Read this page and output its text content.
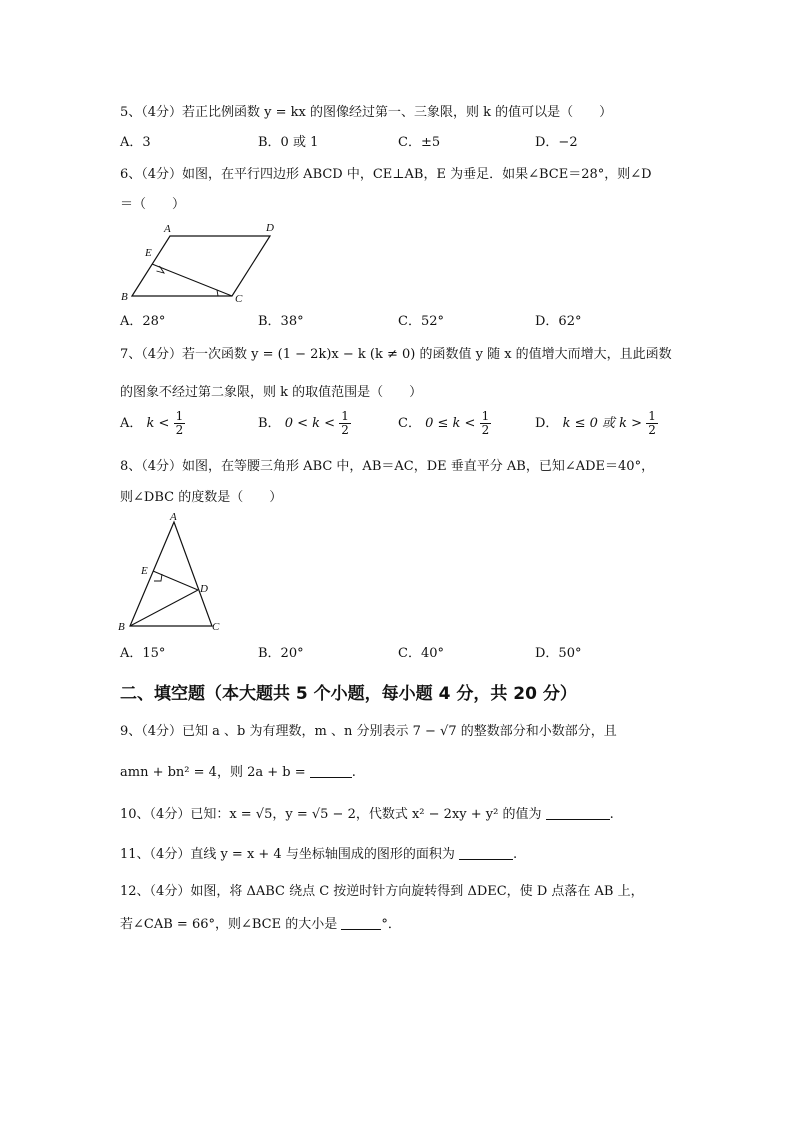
5、（4分）若正比例函数 y = kx 的图像经过第一、三象限，则 k 的值可以是（　　）
A．3	B．0 或 1	C．±5	D．−2
6、（4分）如图，在平行四边形 ABCD 中，CE⊥AB，E 为垂足．如果∠BCE＝28°，则∠D
＝（　　）
A	D
E
B	C
A．28°	B．38°	C．52°	D．62°
7、（4分）若一次函数 y = (1 − 2k)x − k (k ≠ 0) 的函数值 y 随 x 的值增大而增大，且此函数
的图象不经过第二象限，则 k 的取值范围是（　　）
A． $k < \frac{1}{2}$	B． $0 < k < \frac{1}{2}$	C． $0 \le k < \frac{1}{2}$	D． k ≤ 0 或 $k > \frac{1}{2}$
8、（4分）如图，在等腰三角形 ABC 中，AB＝AC，DE 垂直平分 AB，已知∠ADE＝40°，
则∠DBC 的度数是（　　）
A
E
D
B	C
A．15°	B．20°	C．40°	D．50°
二、填空题（本大题共 5 个小题，每小题 4 分，共 20 分）
9、（4分）已知 a 、b 为有理数，m 、n 分别表示 7 − √7 的整数部分和小数部分，且
amn + bn² = 4，则 2a + b =	.
10、（4分）已知：x = √5，y = √5 − 2，代数式 x² − 2xy + y² 的值为	.
11、（4分）直线 y = x + 4 与坐标轴围成的图形的面积为	.
12、（4分）如图，将 ΔABC 绕点 C 按逆时针方向旋转得到 ΔDEC，使 D 点落在 AB 上，
若∠CAB = 66°，则∠BCE 的大小是	°．
